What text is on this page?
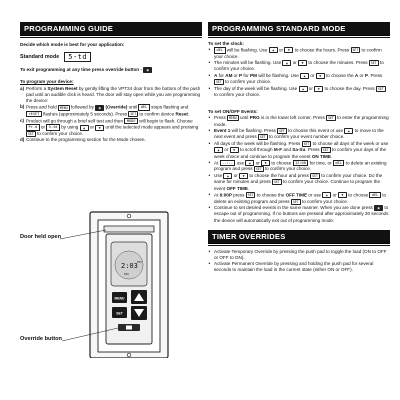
PROGRAMMING GUIDE

Decide which mode is best for your application:

Standard mode	5-td

To exit programming at any time press override button - ▣

To program your device:

a) Perform a System Reset by gently lifting the VPT24 door from the bottom of the push pad until an audible click is heard. The door will stay open while you are programming the device:
b) Press and hold MENU followed by ▣ (Override) until dEL stops flashing and rESET flashes (approximately 5 seconds). Press SET to confirm device Reset.
c) Product will go through a brief self test and then MODE will begin to flash. Choose Pr-d or 5-td by using ▲ or ▼ until the selected mode appears and pressing SET to confirm your choice.
d) Continue to the programming section for the Mode chosen.
2:03 PM
MO
MENU
SET
Door held open
Override button
PROGRAMMING STANDARD MODE

To set the clock:

• dEL will be flashing. Use ▲ or ▼ to choose the hours. Press SET to confirm your choice.
• The minutes will be flashing. Use ▲ or ▼ to choose the minutes. Press SET to confirm your choice.
• A for AM or P for PM will be flashing. Use ▲ or ▼ to choose the A or P. Press SET to confirm your choice.
• The day of the week will be flashing. Use ▲ or ▼ to choose the day. Press SET to confirm your choice.

To set ON/OFF Events:

• Press MENU until PRG is in the lower left corner. Press SET to enter the programming mode.
• Event 1 will be flashing. Press SET to choose this event or use ▲ to move to the next event and press SET to confirm your event number choice.
• All days of the week will be flashing. Press SET to choose all days of the week or use ▲ or ▼ to scroll through M-F and Sa-Su. Press SET to confirm your days of the week choice and continue to program the event ON TIME.
• At --:-- use ▲ or ▼ to choose 12:00 for time, or dEL to delete an existing program and press SET to confirm your choice.
• Use ▲ or ▼ to choose the hour and press SET to confirm your choice. Do the same for minutes and press SET to confirm your choice. Continue to program the event OFF TIME.
• At 6:00P press SET to choose the OFF TIME or use ▲ or ▼ to choose dEL to delete an existing program and press SET to confirm your choice.
• Continue to set desired events in the same manner. When you are done press ▣ to escape out of programming. If no buttons are pressed after approximately 30 seconds the device will automatically exit out of programming mode.
TIMER OVERRIDES
• Activate Temporary Override by pressing the push pad to toggle the load (ON to OFF or OFF to ON).
• Activate Permanent Override by pressing and holding the push pad for several seconds to maintain the load in the current state (either ON or OFF).
